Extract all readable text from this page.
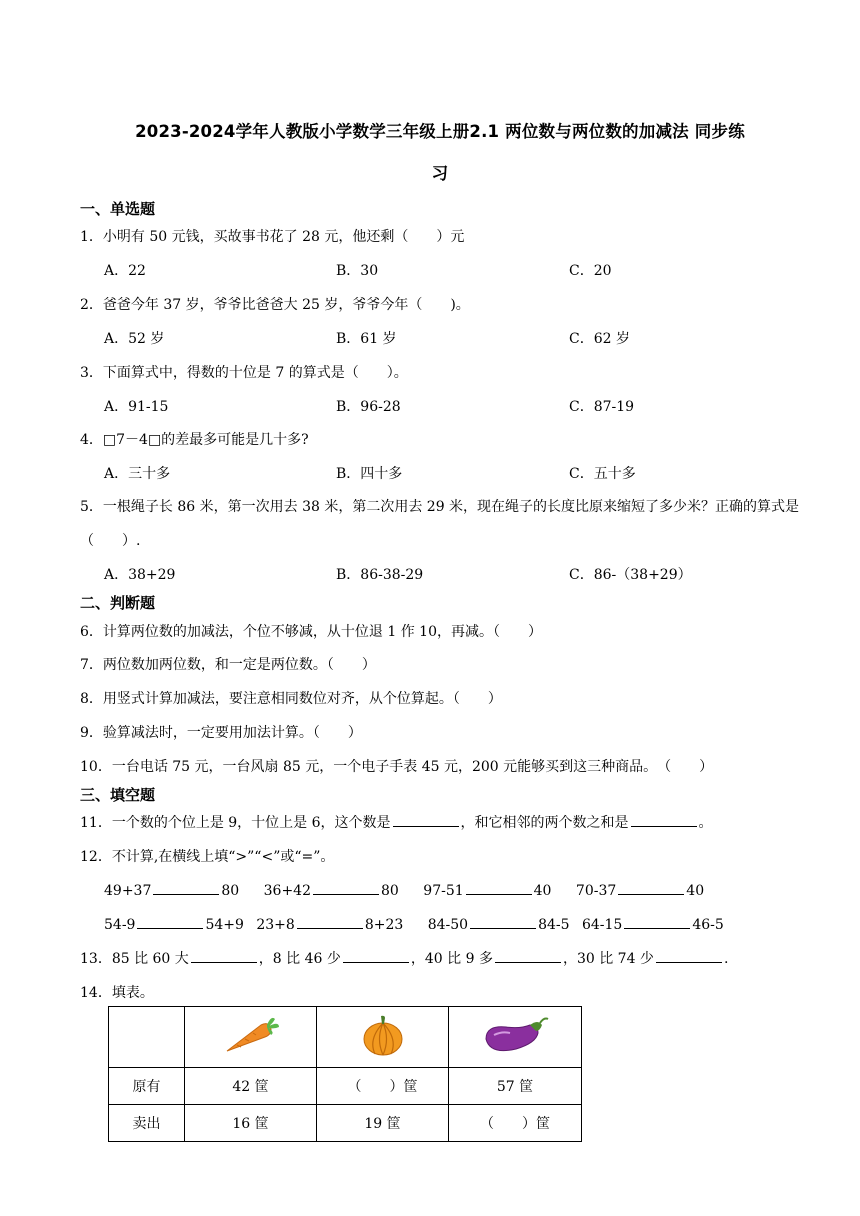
2023-2024学年人教版小学数学三年级上册2.1 两位数与两位数的加减法 同步练
习
一、单选题
1．小明有 50 元钱，买故事书花了 28 元，他还剩（　　）元
A．22	B．30	C．20
2．爸爸今年 37 岁，爷爷比爸爸大 25 岁，爷爷今年（　　)。
A．52 岁	B．61 岁	C．62 岁
3．下面算式中，得数的十位是 7 的算式是（　　）。
A．91-15	B．96-28	C．87-19
4．□7－4□的差最多可能是几十多?
A．三十多	B．四十多	C．五十多
5．一根绳子长 86 米，第一次用去 38 米，第二次用去 29 米，现在绳子的长度比原来缩短了多少米？正确的算式是（　　）.
A．38+29	B．86-38-29	C．86-（38+29）
二、判断题
6．计算两位数的加减法，个位不够减，从十位退 1 作 10，再减。（　　）
7．两位数加两位数，和一定是两位数。（　　）
8．用竖式计算加减法，要注意相同数位对齐，从个位算起。（　　）
9．验算减法时，一定要用加法计算。（　　）
10．一台电话 75 元，一台风扇 85 元，一个电子手表 45 元，200 元能够买到这三种商品。　（　　）
三、填空题
11．一个数的个位上是 9，十位上是 6，这个数是	，和它相邻的两个数之和是	。
12．不计算,在横线上填“>”“<”或“=”。
49+37	80 36+42	80 97-51	40 70-37	40
54-9	54+9 23+8	8+23 84-50	84-5 64-15	46-5
13．85 比 60 大	，8 比 46 少	，40 比 9 多	，30 比 74 少	.
14．填表。

原有	42 筐	（　　）筐	57 筐
卖出	16 筐	19 筐	（　　）筐
